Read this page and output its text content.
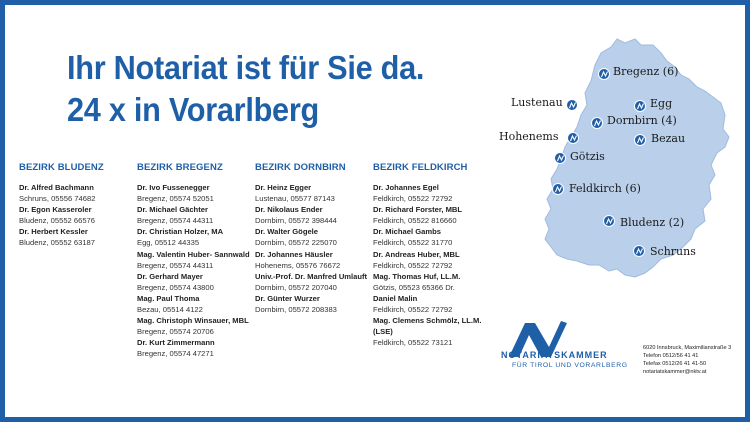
Ihr Notariat ist für Sie da.
24 x in Vorarlberg
BEZIRK BLUDENZ
Dr. Alfred Bachmann
Schruns, 05556 74682
Dr. Egon Kasseroler
Bludenz, 05552 66576
Dr. Herbert Kessler
Bludenz, 05552 63187
BEZIRK BREGENZ
Dr. Ivo Fussenegger
Bregenz, 05574 52051
Dr. Michael Gächter
Bregenz, 05574 44311
Dr. Christian Holzer, MA
Egg, 05512 44335
Mag. Valentin Huber- Sannwald
Bregenz, 05574 44311
Dr. Gerhard Mayer
Bregenz, 05574 43800
Mag. Paul Thoma
Bezau, 05514 4122
Mag. Christoph Winsauer, MBL
Bregenz, 05574 20706
Dr. Kurt Zimmermann
Bregenz, 05574 47271
BEZIRK DORNBIRN
Dr. Heinz Egger
Lustenau, 05577 87143
Dr. Nikolaus Ender
Dornbirn, 05572 398444
Dr. Walter Gögele
Dornbirn, 05572 225070
Dr. Johannes Häusler
Hohenems, 05576 76672
Univ.-Prof. Dr. Manfred Umlauft
Dornbirn, 05572 207040
Dr. Günter Wurzer
Dornbirn, 05572 208383
BEZIRK FELDKIRCH
Dr. Johannes Egel
Feldkirch, 05522 72792
Dr. Richard Forster, MBL
Feldkirch, 05522 816660
Dr. Michael Gambs
Feldkirch, 05522 31770
Dr. Andreas Huber, MBL
Feldkirch, 05522 72792
Mag. Thomas Huf, LL.M.
Götzis, 05523 65366 Dr.
Daniel Malin
Feldkirch, 05522 72792
Mag. Clemens Schmölz, LL.M. (LSE)
Feldkirch, 05522 73121
Bregenz (6)
Lustenau	Egg
Dornbirn (4)
Hohenems	Bezau
Götzis
Feldkirch (6)
Bludenz (2)
Schruns
NOTARIATSKAMMER
FÜR TIROL UND VORARLBERG
6020 Innsbruck, Maximilianstraße 3
Telefon 0512/56 41 41
Telefax 0512/26 41 41-50
notariatskammer@nktv.at
